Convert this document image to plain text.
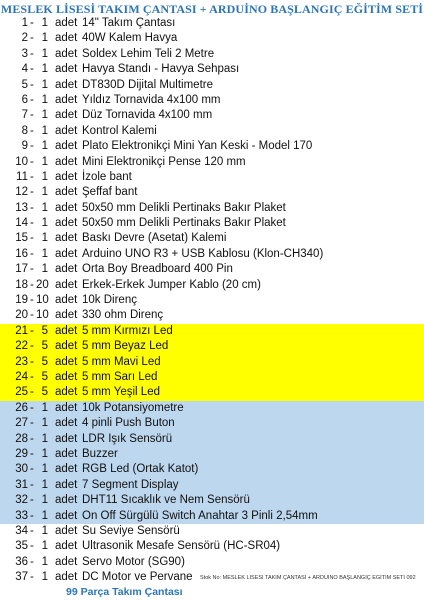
MESLEK LİSESİ TAKIM ÇANTASI + ARDUİNO BAŞLANGIÇ EĞİTİM SETİ
1 - 1 adet 14" Takım Çantası
2 - 1 adet 40W Kalem Havya
3 - 1 adet Soldex Lehim Teli 2 Metre
4 - 1 adet Havya Standı - Havya Sehpası
5 - 1 adet DT830D Dijital Multimetre
6 - 1 adet Yıldız Tornavida 4x100 mm
7 - 1 adet Düz Tornavida 4x100 mm
8 - 1 adet Kontrol Kalemi
9 - 1 adet Plato Elektronikçi Mini Yan Keski - Model 170
10 - 1 adet Mini Elektronikçi Pense 120 mm
11 - 1 adet İzole bant
12 - 1 adet Şeffaf bant
13 - 1 adet 50x50 mm Delikli Pertinaks Bakır Plaket
14 - 1 adet 50x50 mm Delikli Pertinaks Bakır Plaket
15 - 1 adet Baskı Devre (Asetat) Kalemi
16 - 1 adet Arduino UNO R3 + USB Kablosu (Klon-CH340)
17 - 1 adet Orta Boy Breadboard 400 Pin
18 - 20 adet Erkek-Erkek Jumper Kablo (20 cm)
19 - 10 adet 10k Direnç
20 - 10 adet 330 ohm Direnç
21 - 5 adet 5 mm Kırmızı Led
22 - 5 adet 5 mm Beyaz Led
23 - 5 adet 5 mm Mavi Led
24 - 5 adet 5 mm Sarı Led
25 - 5 adet 5 mm Yeşil Led
26 - 1 adet 10k Potansiyometre
27 - 1 adet 4 pinli Push Buton
28 - 1 adet LDR Işık Sensörü
29 - 1 adet Buzzer
30 - 1 adet RGB Led (Ortak Katot)
31 - 1 adet 7 Segment Display
32 - 1 adet DHT11 Sıcaklık ve Nem Sensörü
33 - 1 adet On Off Sürgülü Switch Anahtar 3 Pinli 2,54mm
34 - 1 adet Su Seviye Sensörü
35 - 1 adet Ultrasonik Mesafe Sensörü (HC-SR04)
36 - 1 adet Servo Motor (SG90)
37 - 1 adet DC Motor ve Pervane Stok No: MESLEK LİSESİ TAKIM ÇANTASI + ARDUİNO BAŞLANGIÇ EĞİTİM SETİ 092
99 Parça Takım Çantası
